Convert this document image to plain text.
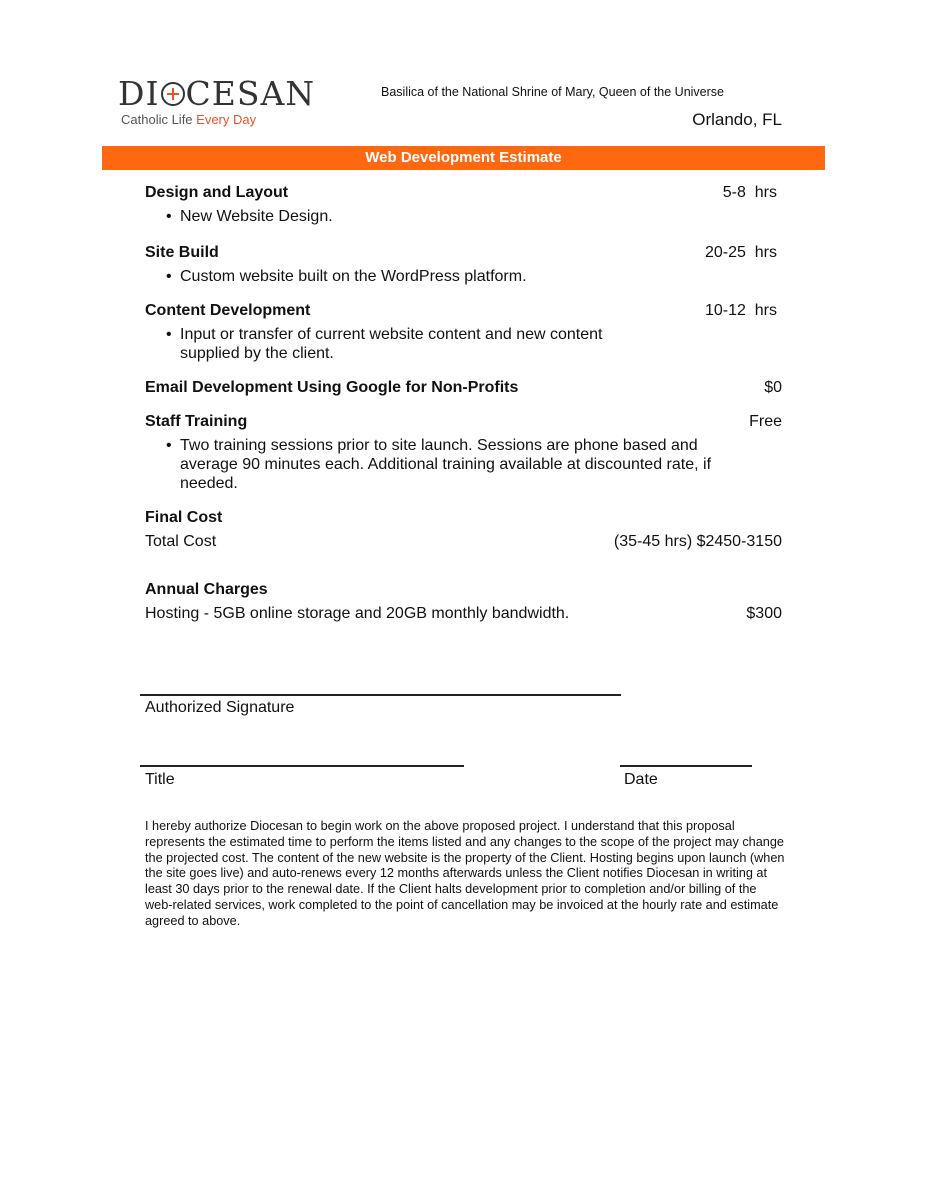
DI CESAN
Catholic Life Every Day
Basilica of the National Shrine of Mary, Queen of the Universe
Orlando, FL
Web Development Estimate
Design and Layout	5-8  hrs
• New Website Design.
Site Build	20-25  hrs
• Custom website built on the WordPress platform.
Content Development	10-12  hrs
• Input or transfer of current website content and new content supplied by the client.
Email Development Using Google for Non-Profits	$0
Staff Training	Free
• Two training sessions prior to site launch. Sessions are phone based and average 90 minutes each. Additional training available at discounted rate, if needed.
Final Cost
Total Cost	(35-45 hrs) $2450-3150
Annual Charges
Hosting - 5GB online storage and 20GB monthly bandwidth.	$300
Authorized Signature
Title	Date
I hereby authorize Diocesan to begin work on the above proposed project. I understand that this proposal represents the estimated time to perform the items listed and any changes to the scope of the project may change the projected cost. The content of the new website is the property of the Client. Hosting begins upon launch (when the site goes live) and auto-renews every 12 months afterwards unless the Client notifies Diocesan in writing at least 30 days prior to the renewal date. If the Client halts development prior to completion and/or billing of the web-related services, work completed to the point of cancellation may be invoiced at the hourly rate and estimate agreed to above.
